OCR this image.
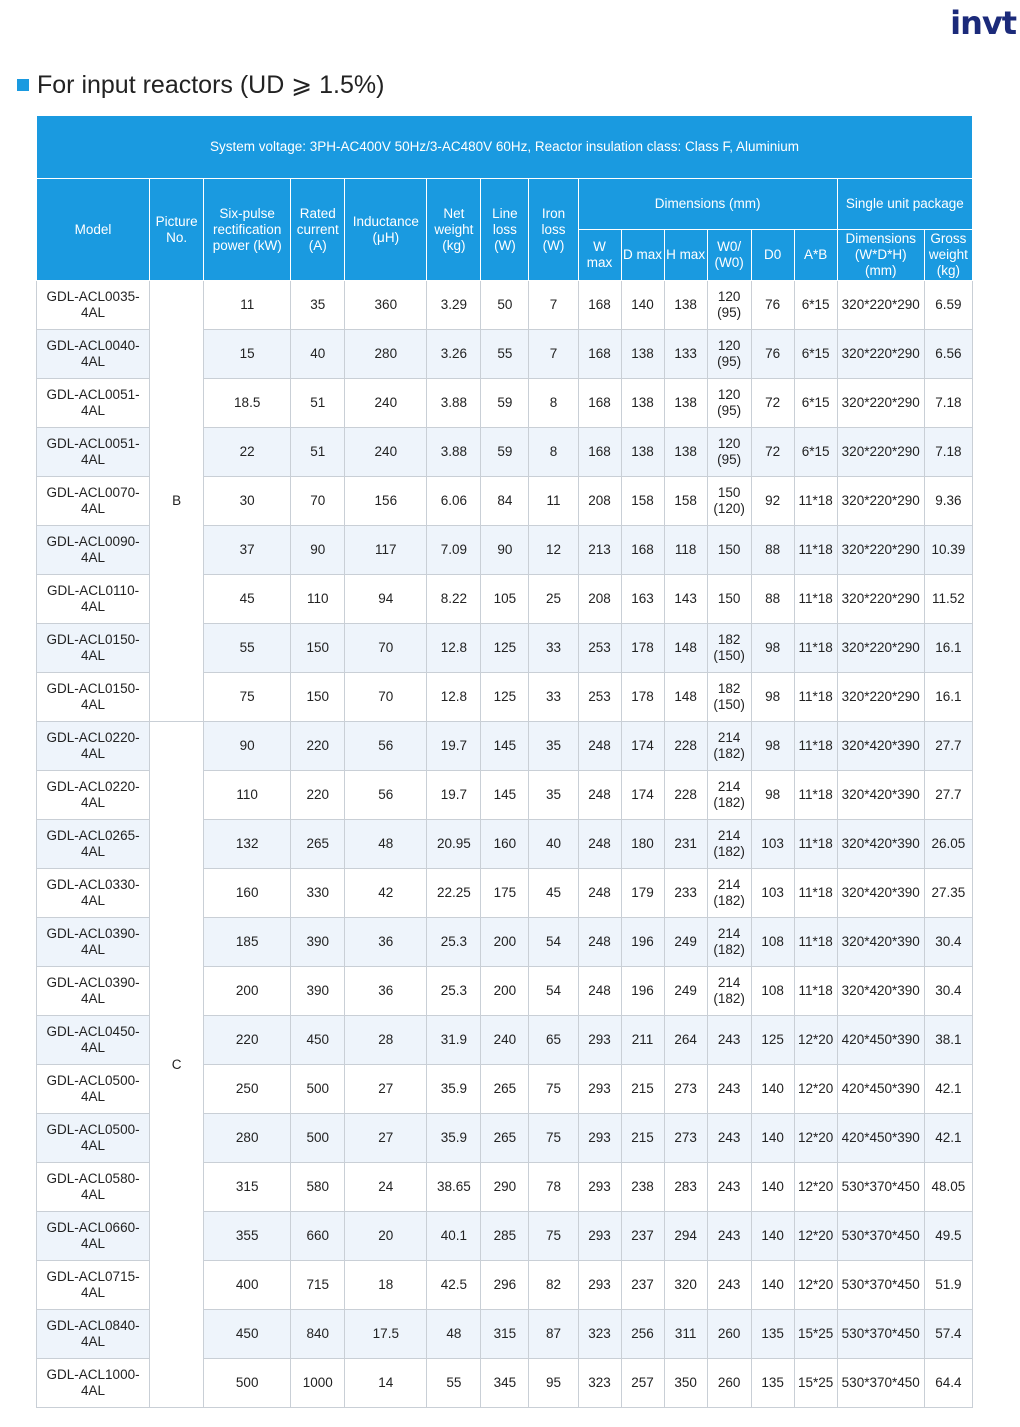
invt
For input reactors (UD ⩾ 1.5%)
System voltage: 3PH-AC400V 50Hz/3-AC480V 60Hz, Reactor insulation class: Class F, Aluminium															
Model	Picture No.	Six-pulse rectification power (kW)	Rated current (A)	Inductance (μH)	Net weight (kg)	Line loss (W)	Iron loss (W)	Dimensions (mm)						Single unit package	
								W max	D max	H max	W0/ (W0)	D0	A*B	Dimensions (W*D*H) (mm)	Gross weight (kg)
GDL-ACL0035-4AL	B	11	35	360	3.29	50	7	168	140	138	120 (95)	76	6*15	320*220*290	6.59
GDL-ACL0040-4AL		15	40	280	3.26	55	7	168	138	133	120 (95)	76	6*15	320*220*290	6.56
GDL-ACL0051-4AL		18.5	51	240	3.88	59	8	168	138	138	120 (95)	72	6*15	320*220*290	7.18
GDL-ACL0051-4AL		22	51	240	3.88	59	8	168	138	138	120 (95)	72	6*15	320*220*290	7.18
GDL-ACL0070-4AL		30	70	156	6.06	84	11	208	158	158	150 (120)	92	11*18	320*220*290	9.36
GDL-ACL0090-4AL		37	90	117	7.09	90	12	213	168	118	150	88	11*18	320*220*290	10.39
GDL-ACL0110-4AL		45	110	94	8.22	105	25	208	163	143	150	88	11*18	320*220*290	11.52
GDL-ACL0150-4AL		55	150	70	12.8	125	33	253	178	148	182 (150)	98	11*18	320*220*290	16.1
GDL-ACL0150-4AL		75	150	70	12.8	125	33	253	178	148	182 (150)	98	11*18	320*220*290	16.1
GDL-ACL0220-4AL	C	90	220	56	19.7	145	35	248	174	228	214 (182)	98	11*18	320*420*390	27.7
GDL-ACL0220-4AL		110	220	56	19.7	145	35	248	174	228	214 (182)	98	11*18	320*420*390	27.7
GDL-ACL0265-4AL		132	265	48	20.95	160	40	248	180	231	214 (182)	103	11*18	320*420*390	26.05
GDL-ACL0330-4AL		160	330	42	22.25	175	45	248	179	233	214 (182)	103	11*18	320*420*390	27.35
GDL-ACL0390-4AL		185	390	36	25.3	200	54	248	196	249	214 (182)	108	11*18	320*420*390	30.4
GDL-ACL0390-4AL		200	390	36	25.3	200	54	248	196	249	214 (182)	108	11*18	320*420*390	30.4
GDL-ACL0450-4AL		220	450	28	31.9	240	65	293	211	264	243	125	12*20	420*450*390	38.1
GDL-ACL0500-4AL		250	500	27	35.9	265	75	293	215	273	243	140	12*20	420*450*390	42.1
GDL-ACL0500-4AL		280	500	27	35.9	265	75	293	215	273	243	140	12*20	420*450*390	42.1
GDL-ACL0580-4AL		315	580	24	38.65	290	78	293	238	283	243	140	12*20	530*370*450	48.05
GDL-ACL0660-4AL		355	660	20	40.1	285	75	293	237	294	243	140	12*20	530*370*450	49.5
GDL-ACL0715-4AL		400	715	18	42.5	296	82	293	237	320	243	140	12*20	530*370*450	51.9
GDL-ACL0840-4AL		450	840	17.5	48	315	87	323	256	311	260	135	15*25	530*370*450	57.4
GDL-ACL1000-4AL		500	1000	14	55	345	95	323	257	350	260	135	15*25	530*370*450	64.4
